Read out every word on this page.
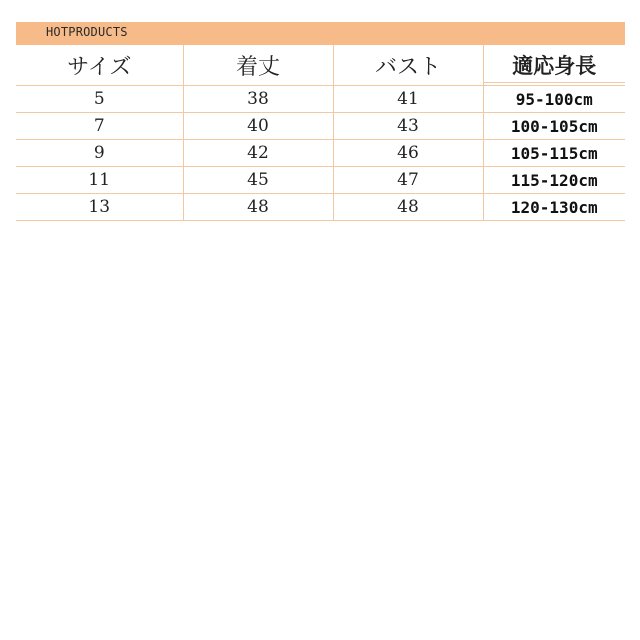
HOTPRODUCTS
サイズ	着丈	バスト	適応身長
5	38	41	95-100cm
7	40	43	100-105cm
9	42	46	105-115cm
11	45	47	115-120cm
13	48	48	120-130cm
